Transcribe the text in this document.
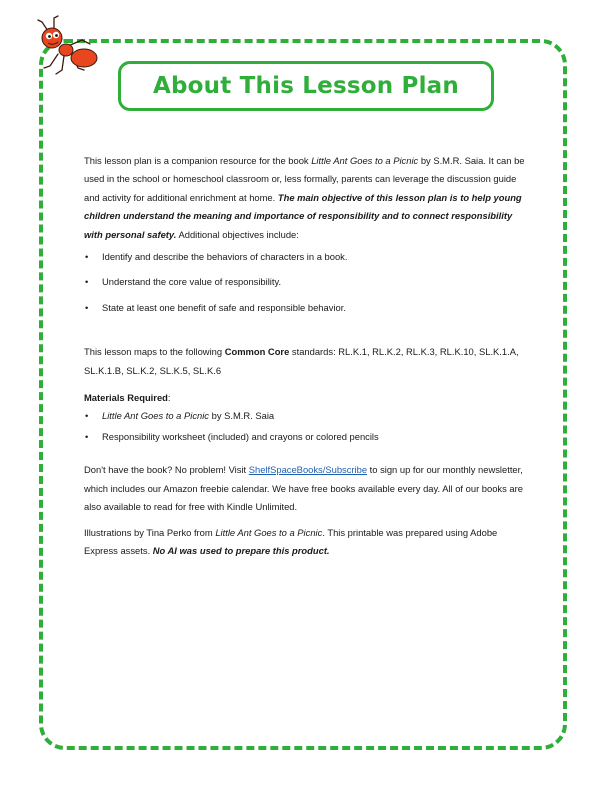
About This Lesson Plan

This lesson plan is a companion resource for the book Little Ant Goes to a Picnic by S.M.R. Saia. It can be used in the school or homeschool classroom or, less formally, parents can leverage the discussion guide and activity for additional enrichment at home. The main objective of this lesson plan is to help young children understand the meaning and importance of responsibility and to connect responsibility with personal safety. Additional objectives include:

• Identify and describe the behaviors of characters in a book.
• Understand the core value of responsibility.
• State at least one benefit of safe and responsible behavior.

This lesson maps to the following Common Core standards: RL.K.1, RL.K.2, RL.K.3, RL.K.10, SL.K.1.A, SL.K.1.B, SL.K.2, SL.K.5, SL.K.6

Materials Required:

• Little Ant Goes to a Picnic by S.M.R. Saia
• Responsibility worksheet (included) and crayons or colored pencils

Don't have the book? No problem! Visit ShelfSpaceBooks/Subscribe to sign up for our monthly newsletter, which includes our Amazon freebie calendar. We have free books available every day. All of our books are also available to read for free with Kindle Unlimited.

Illustrations by Tina Perko from Little Ant Goes to a Picnic. This printable was prepared using Adobe Express assets. No AI was used to prepare this product.
